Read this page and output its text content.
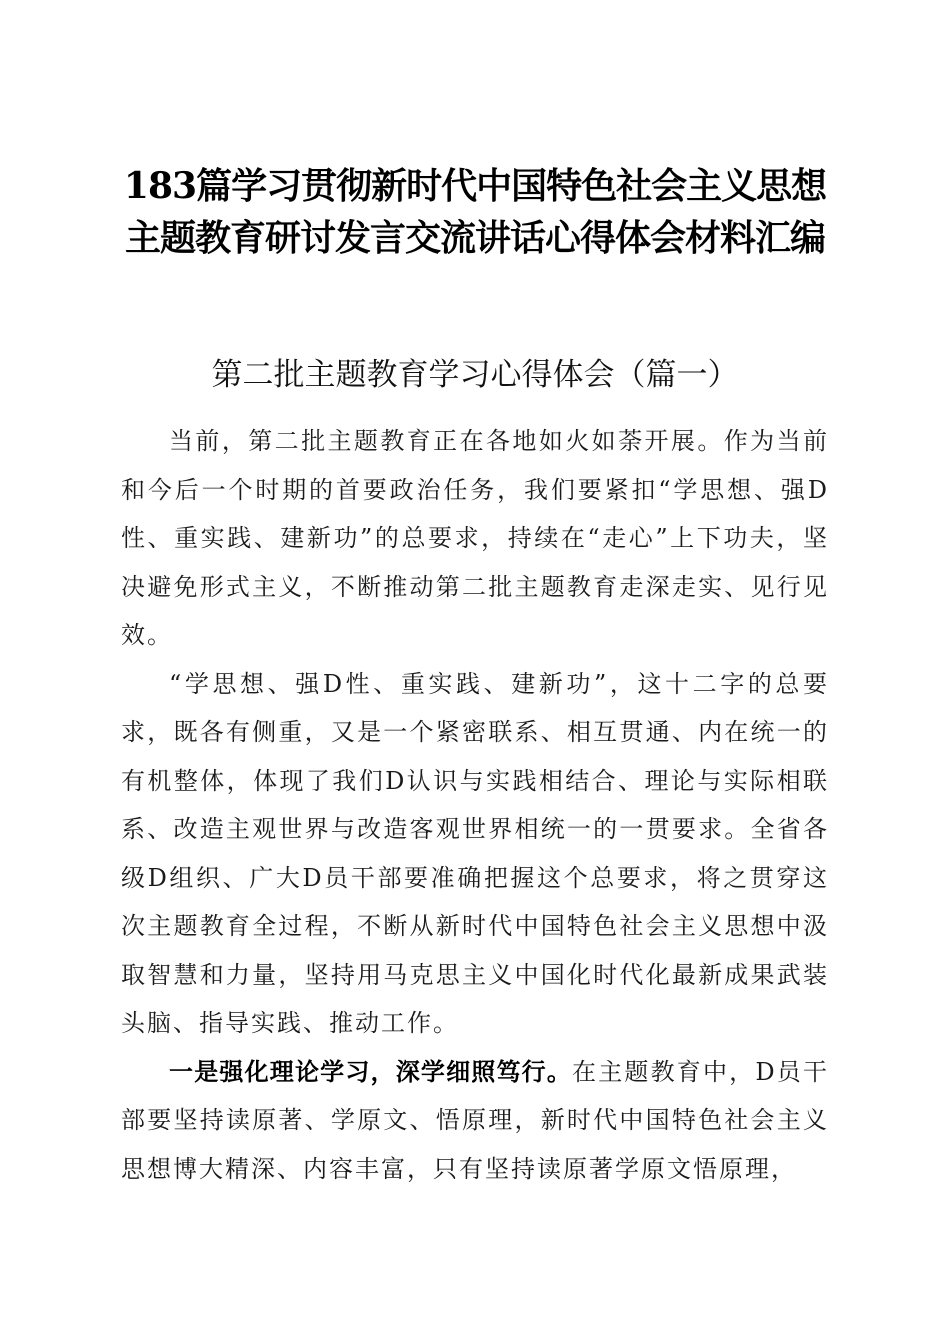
183篇学习贯彻新时代中国特色社会主义思想
主题教育研讨发言交流讲话心得体会材料汇编
第二批主题教育学习心得体会（篇一）

当前，第二批主题教育正在各地如火如荼开展。作为当前和今后一个时期的首要政治任务，我们要紧扣“学思想、强D性、重实践、建新功”的总要求，持续在“走心”上下功夫，坚决避免形式主义，不断推动第二批主题教育走深走实、见行见效。

“学思想、强D性、重实践、建新功”，这十二字的总要求，既各有侧重，又是一个紧密联系、相互贯通、内在统一的有机整体，体现了我们D认识与实践相结合、理论与实际相联系、改造主观世界与改造客观世界相统一的一贯要求。全省各级D组织、广大D员干部要准确把握这个总要求，将之贯穿这次主题教育全过程，不断从新时代中国特色社会主义思想中汲取智慧和力量，坚持用马克思主义中国化时代化最新成果武装头脑、指导实践、推动工作。

一是强化理论学习，深学细照笃行。在主题教育中，D员干部要坚持读原著、学原文、悟原理，新时代中国特色社会主义思想博大精深、内容丰富，只有坚持读原著学原文悟原理，
